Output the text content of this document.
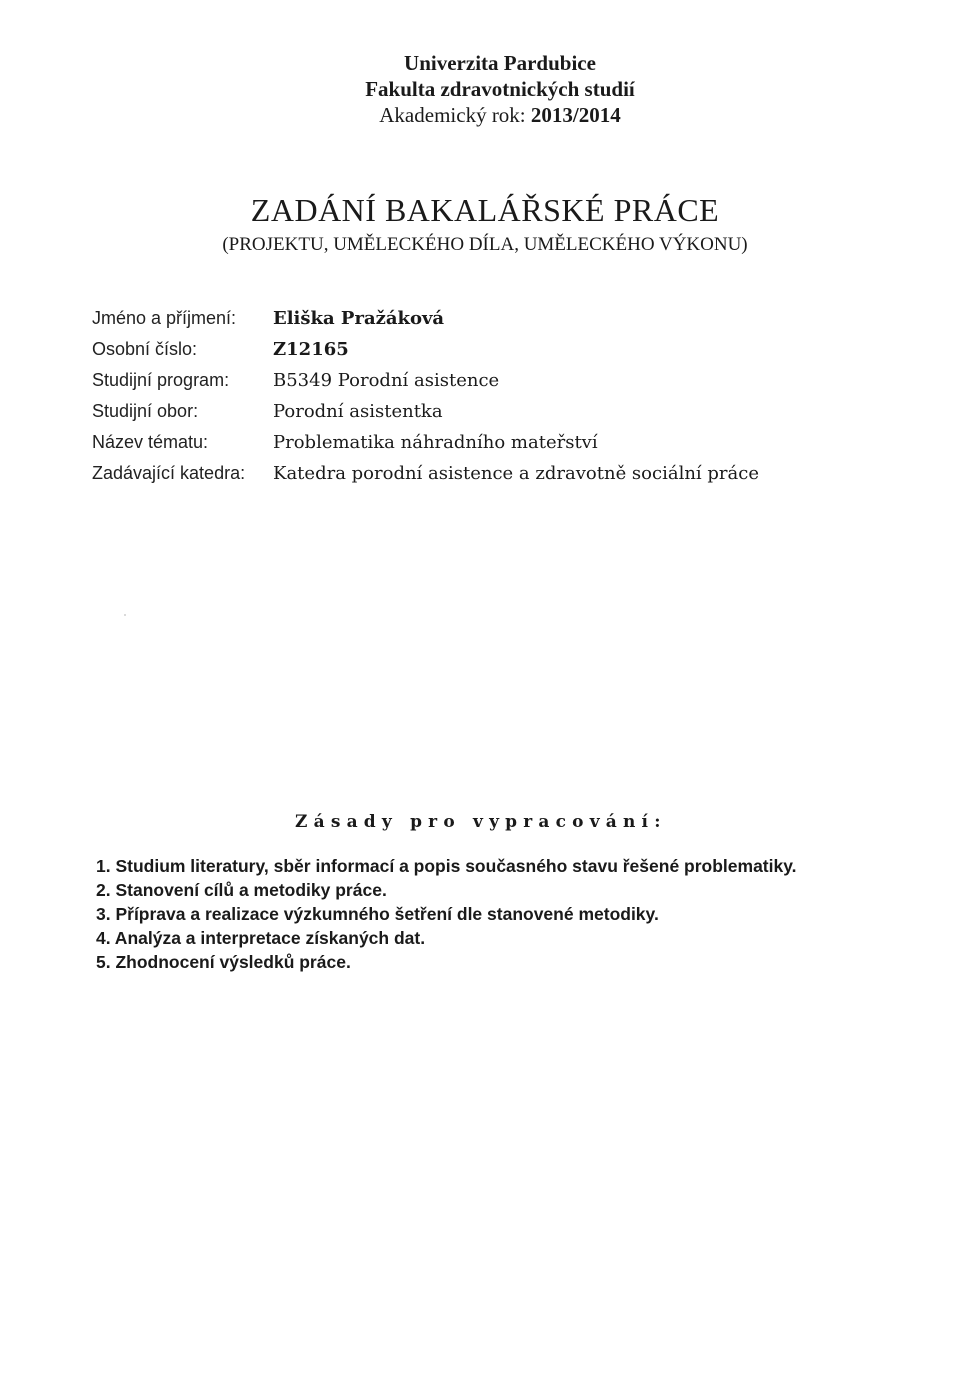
Univerzita Pardubice
Fakulta zdravotnických studií
Akademický rok: 2013/2014
ZADÁNÍ BAKALÁŘSKÉ PRÁCE
(PROJEKTU, UMĚLECKÉHO DÍLA, UMĚLECKÉHO VÝKONU)
Jméno a příjmení:	Eliška Pražáková
Osobní číslo:	Z12165
Studijní program:	B5349 Porodní asistence
Studijní obor:	Porodní asistentka
Název tématu:	Problematika náhradního mateřství
Zadávající katedra:	Katedra porodní asistence a zdravotně sociální práce
Zásady pro vypracování:
1. Studium literatury, sběr informací a popis současného stavu řešené problematiky.
2. Stanovení cílů a metodiky práce.
3. Příprava a realizace výzkumného šetření dle stanovené metodiky.
4. Analýza a interpretace získaných dat.
5. Zhodnocení výsledků práce.
